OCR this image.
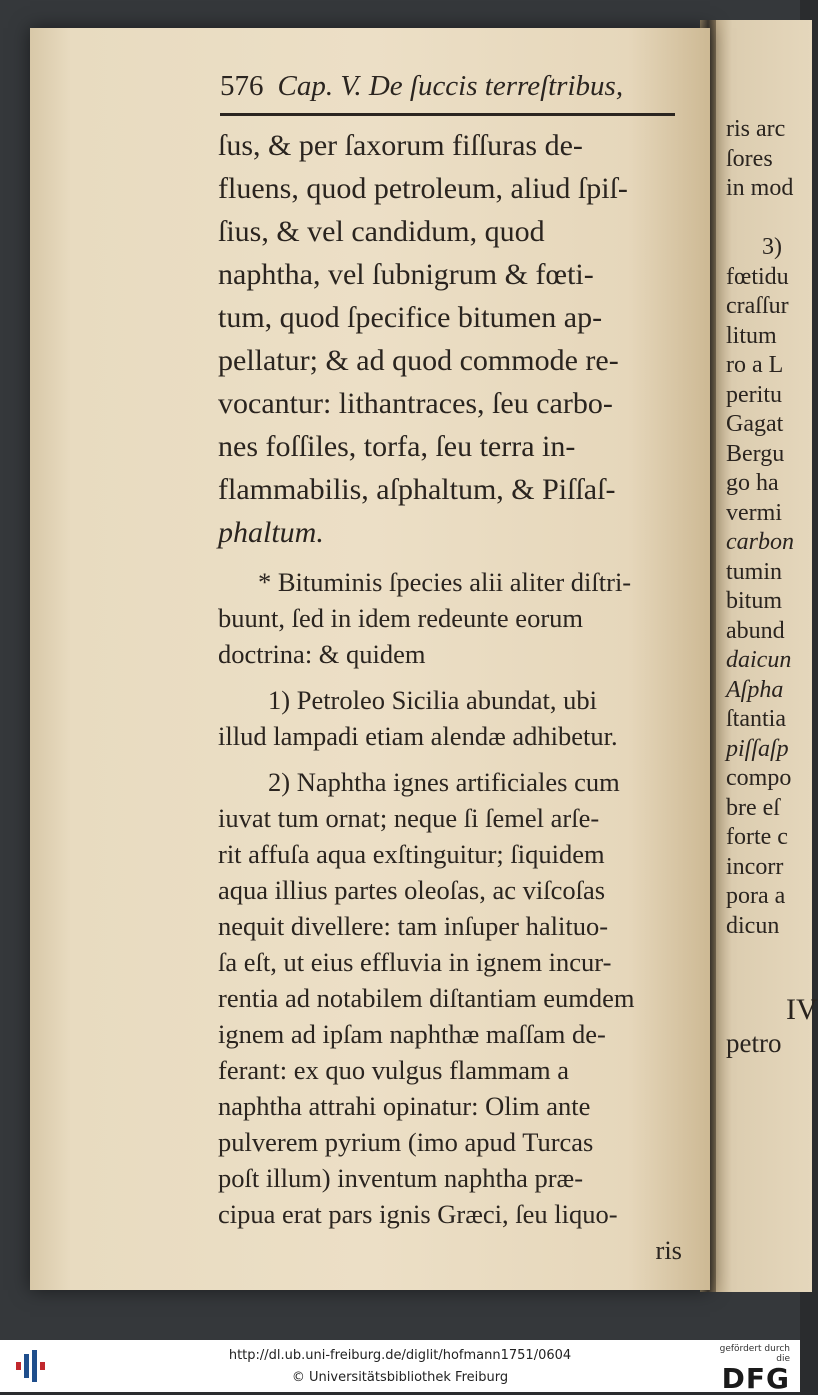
576 Cap. V. De ſuccis terreſtribus,
ſus, & per ſaxorum fiſſuras de-
fluens, quod petroleum, aliud ſpiſ-
ſius, & vel candidum, quod
naphtha, vel ſubnigrum & fœti-
tum, quod ſpecifice bitumen ap-
pellatur; & ad quod commode re-
vocantur: lithantraces, ſeu carbo-
nes foſſiles, torfa, ſeu terra in-
flammabilis, aſphaltum, & Piſſaſ-
phaltum.
* Bituminis ſpecies alii aliter diſtri-
buunt, ſed in idem redeunte eorum
doctrina: & quidem
1) Petroleo Sicilia abundat, ubi
illud lampadi etiam alendæ adhibetur.
2) Naphtha ignes artificiales cum
iuvat tum ornat; neque ſi ſemel arſe-
rit affuſa aqua exſtinguitur; ſiquidem
aqua illius partes oleoſas, ac viſcoſas
nequit divellere: tam inſuper halituo-
ſa eſt, ut eius effluvia in ignem incur-
rentia ad notabilem diſtantiam eumdem
ignem ad ipſam naphthæ maſſam de-
ferant: ex quo vulgus flammam a
naphtha attrahi opinatur: Olim ante
pulverem pyrium (imo apud Turcas
poſt illum) inventum naphtha præ-
cipua erat pars ignis Græci, ſeu liquo-
ris
ris arc
ſores
in mod
3)
fœtidu
craſſur
litum
ro a L
peritu
Gagat
Bergu
go ha
vermi
carbon
tumin
bitum
abund
daicun
Aſpha
ſtantia
piſſaſp
compo
bre eſ
forte c
incorr
pora a
dicun
IV
petro
http://dl.ub.uni-freiburg.de/diglit/hofmann1751/0604
© Universitätsbibliothek Freiburg
gefördert durch die
DFG
